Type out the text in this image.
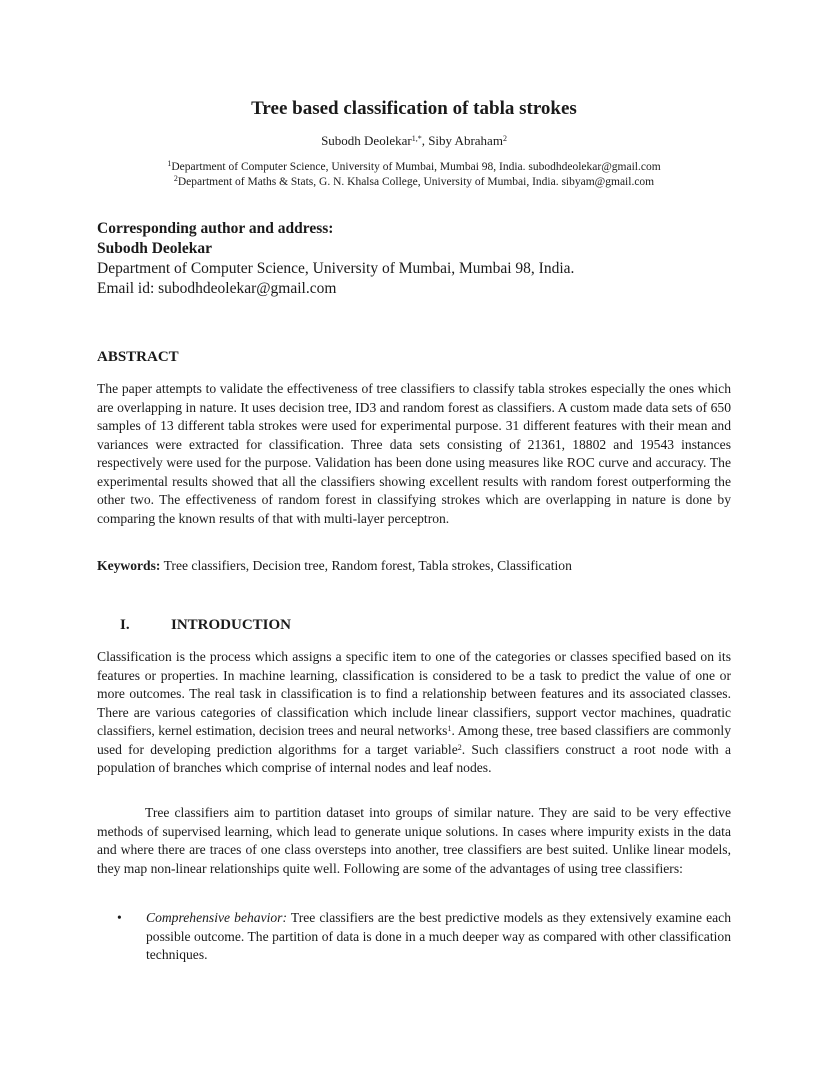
Tree based classification of tabla strokes
Subodh Deolekar$^{1,*}$, Siby Abraham$^2$
$^1$Department of Computer Science, University of Mumbai, Mumbai 98, India. subodhdeolekar@gmail.com
$^2$Department of Maths & Stats, G. N. Khalsa College, University of Mumbai, India. sibyam@gmail.com
Corresponding author and address:
Subodh Deolekar
Department of Computer Science, University of Mumbai, Mumbai 98, India.
Email id: subodhdeolekar@gmail.com
ABSTRACT

The paper attempts to validate the effectiveness of tree classifiers to classify tabla strokes especially the ones which are overlapping in nature. It uses decision tree, ID3 and random forest as classifiers. A custom made data sets of 650 samples of 13 different tabla strokes were used for experimental purpose. 31 different features with their mean and variances were extracted for classification. Three data sets consisting of 21361, 18802 and 19543 instances respectively were used for the purpose. Validation has been done using measures like ROC curve and accuracy. The experimental results showed that all the classifiers showing excellent results with random forest outperforming the other two. The effectiveness of random forest in classifying strokes which are overlapping in nature is done by comparing the known results of that with multi-layer perceptron.

Keywords: Tree classifiers, Decision tree, Random forest, Tabla strokes, Classification
I.	INTRODUCTION

Classification is the process which assigns a specific item to one of the categories or classes specified based on its features or properties. In machine learning, classification is considered to be a task to predict the value of one or more outcomes. The real task in classification is to find a relationship between features and its associated classes. There are various categories of classification which include linear classifiers, support vector machines, quadratic classifiers, kernel estimation, decision trees and neural networks$^1$. Among these, tree based classifiers are commonly used for developing prediction algorithms for a target variable$^2$. Such classifiers construct a root node with a population of branches which comprise of internal nodes and leaf nodes.

Tree classifiers aim to partition dataset into groups of similar nature. They are said to be very effective methods of supervised learning, which lead to generate unique solutions. In cases where impurity exists in the data and where there are traces of one class oversteps into another, tree classifiers are best suited. Unlike linear models, they map non-linear relationships quite well. Following are some of the advantages of using tree classifiers:

• Comprehensive behavior: Tree classifiers are the best predictive models as they extensively examine each possible outcome. The partition of data is done in a much deeper way as compared with other classification techniques.
